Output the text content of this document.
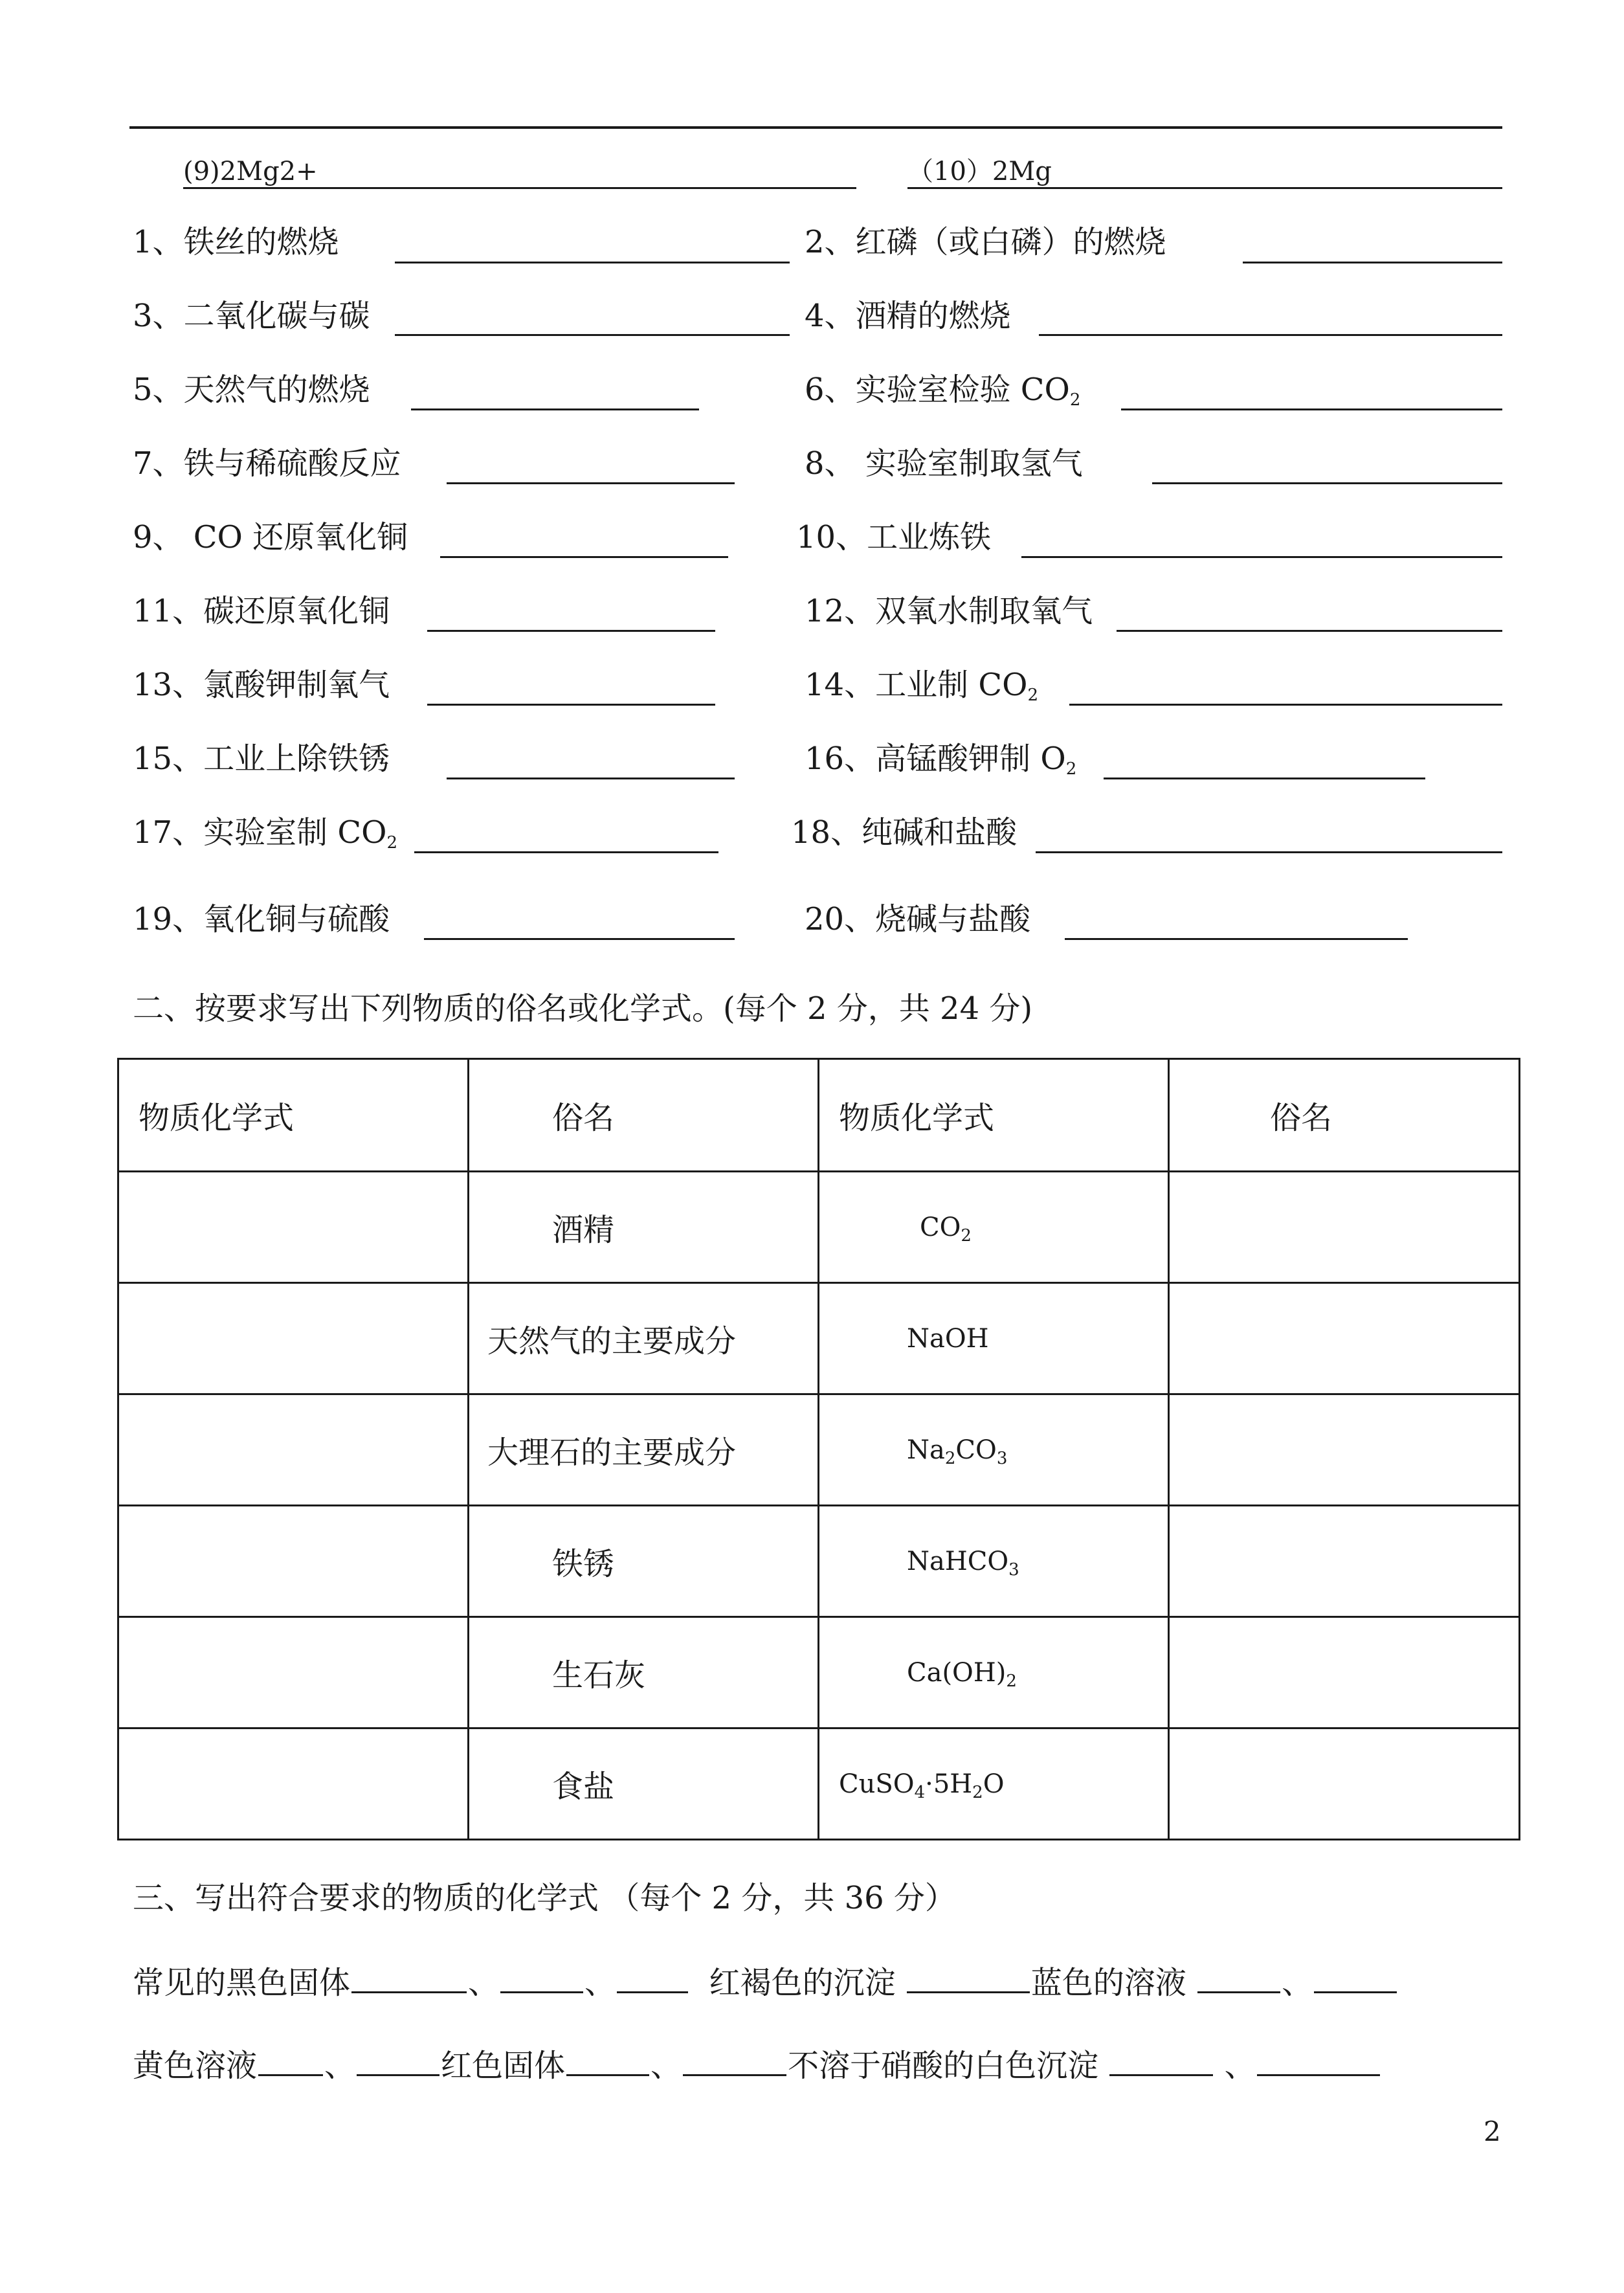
(9)2Mg2+	（10）2Mg
1、铁丝的燃烧
3、二氧化碳与碳
5、天然气的燃烧
7、铁与稀硫酸反应
9、 CO 还原氧化铜
11、碳还原氧化铜
13、氯酸钾制氧气
15、工业上除铁锈
17、实验室制 $CO_2$
19、氧化铜与硫酸
2、红磷（或白磷）的燃烧
4、酒精的燃烧
6、实验室检验 $CO_2$
8、 实验室制取氢气
10、工业炼铁
12、双氧水制取氧气
14、工业制 $CO_2$
16、高锰酸钾制 $O_2$
18、纯碱和盐酸
20、烧碱与盐酸
二、按要求写出下列物质的俗名或化学式。(每个 2 分，共 24 分)
物质化学式	俗名	物质化学式	俗名
	酒精	$CO_2$	
	天然气的主要成分	NaOH	
	大理石的主要成分	$Na_2CO_3$	
	铁锈	NaHCO$_3$	
	生石灰	$Ca(OH)_2$	
	食盐	$CuSO_4\cdot 5H_2O$	
三、写出符合要求的物质的化学式 （每个 2 分，共 36 分）
常见的黑色固体	、	、	红褐色的沉淀	蓝色的溶液	、
黄色溶液 、	红色固体	、	不溶于硝酸的白色沉淀	、
2
